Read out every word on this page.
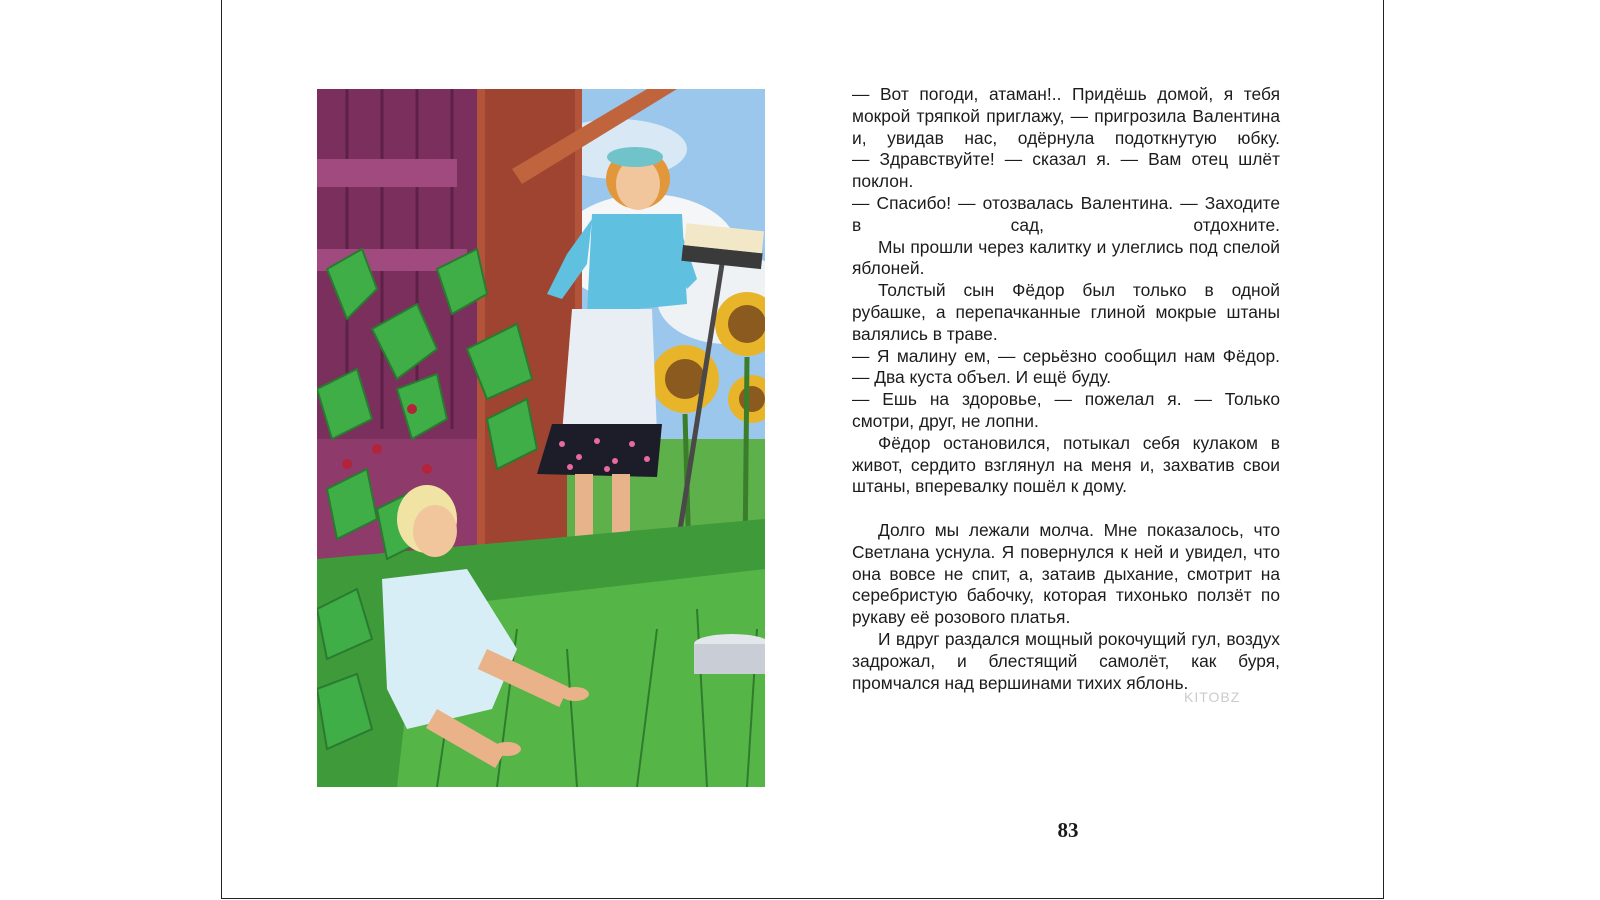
— Вот погоди, атаман!.. Придёшь домой, я тебя мокрой тряпкой приглажу, — пригрозила Валентина и, увидав нас, одёрнула подоткнутую юбку.

— Здравствуйте! — сказал я. — Вам отец шлёт поклон.

— Спасибо! — отозвалась Валентина. — Заходите в сад, отдохните.

Мы прошли через калитку и улеглись под спелой яблоней.

Толстый сын Фёдор был только в одной рубашке, а перепачканные глиной мокрые штаны валялись в траве.

— Я малину ем, — серьёзно сообщил нам Фёдор. — Два куста объел. И ещё буду.

— Ешь на здоровье, — пожелал я. — Только смотри, друг, не лопни.

Фёдор остановился, потыкал себя кулаком в живот, сердито взглянул на меня и, захватив свои штаны, вперевалку пошёл к дому.

Долго мы лежали молча. Мне показалось, что Светлана уснула. Я повернулся к ней и увидел, что она вовсе не спит, а, затаив дыхание, смотрит на серебристую бабочку, которая тихонько ползёт по рукаву её розового платья.

И вдруг раздался мощный рокочущий гул, воздух задрожал, и блестящий самолёт, как буря, промчался над вершинами тихих яблонь.

83
KITOBZ
